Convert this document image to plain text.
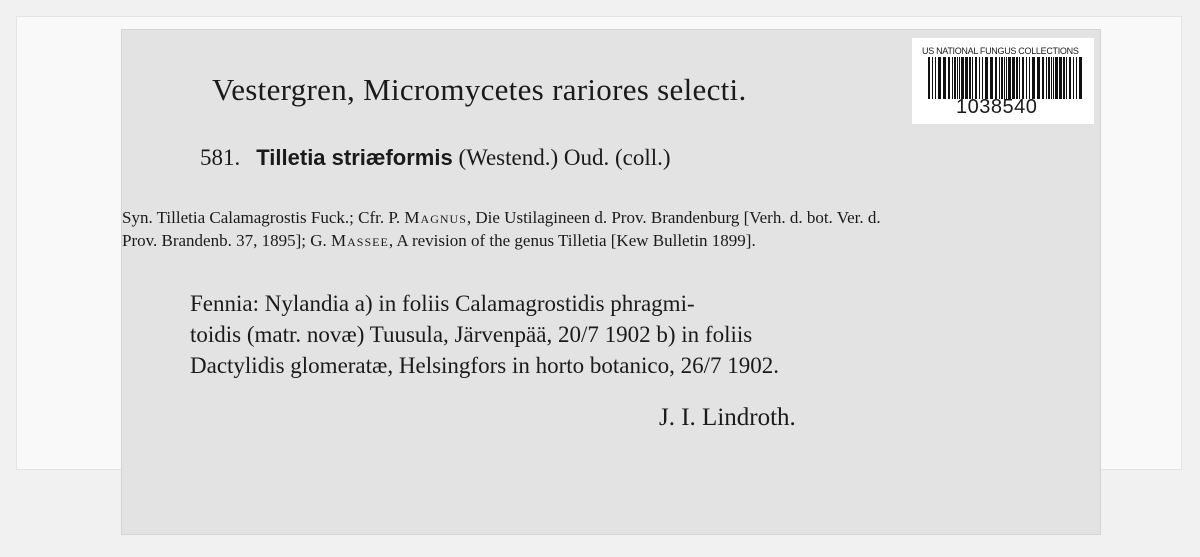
Vestergren, Micromycetes rariores selecti.
581. Tilletia striæformis (Westend.) Oud. (coll.)
Syn. Tilletia Calamagrostis Fuck.; Cfr. P. Magnus, Die Ustilagineen d. Prov. Brandenburg [Verh. d. bot. Ver. d. Prov. Brandenb. 37, 1895]; G. Massee, A revision of the genus Tilletia [Kew Bulletin 1899].
Fennia: Nylandia a) in foliis Calamagrostidis phragmi-
toidis (matr. novæ) Tuusula, Järvenpää, 20/7 1902 b) in foliis
Dactylidis glomeratæ, Helsingfors in horto botanico, 26/7 1902.
J. I. Lindroth.
US NATIONAL FUNGUS COLLECTIONS
1038540
